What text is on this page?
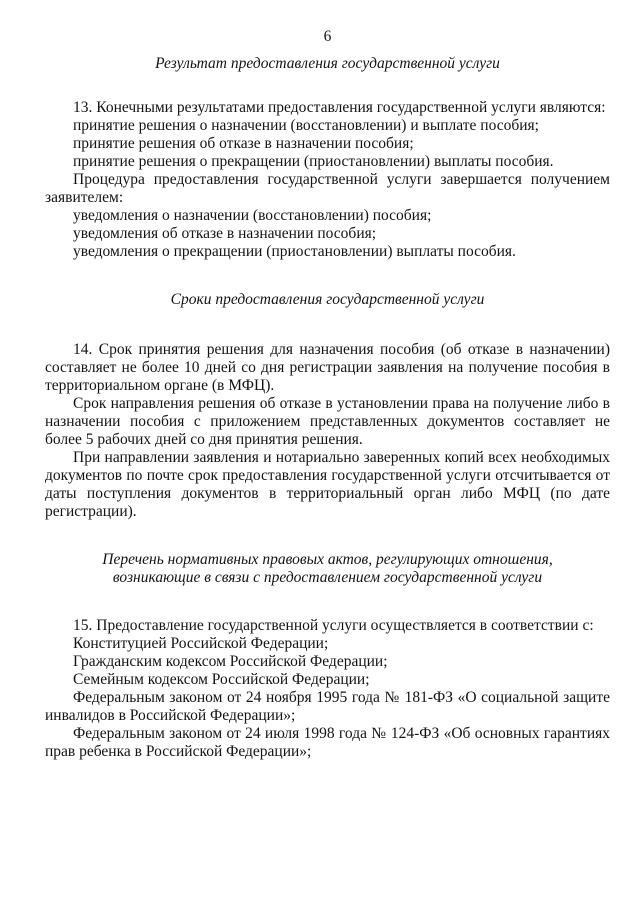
6
Результат предоставления государственной услуги

13. Конечными результатами предоставления государственной услуги являются:

принятие решения о назначении (восстановлении) и выплате пособия;

принятие решения об отказе в назначении пособия;

принятие решения о прекращении (приостановлении) выплаты пособия.

Процедура предоставления государственной услуги завершается получением заявителем:

уведомления о назначении (восстановлении) пособия;

уведомления об отказе в назначении пособия;

уведомления о прекращении (приостановлении) выплаты пособия.

Сроки предоставления государственной услуги

14. Срок принятия решения для назначения пособия (об отказе в назначении) составляет не более 10 дней со дня регистрации заявления на получение пособия в территориальном органе (в МФЦ).

Срок направления решения об отказе в установлении права на получение либо в назначении пособия с приложением представленных документов составляет не более 5 рабочих дней со дня принятия решения.

При направлении заявления и нотариально заверенных копий всех необходимых документов по почте срок предоставления государственной услуги отсчитывается от даты поступления документов в территориальный орган либо МФЦ (по дате регистрации).

Перечень нормативных правовых актов, регулирующих отношения,
возникающие в связи с предоставлением государственной услуги

15. Предоставление государственной услуги осуществляется в соответствии с:

Конституцией Российской Федерации;

Гражданским кодексом Российской Федерации;

Семейным кодексом Российской Федерации;

Федеральным законом от 24 ноября 1995 года № 181-ФЗ «О социальной защите инвалидов в Российской Федерации»;

Федеральным законом от 24 июля 1998 года № 124-ФЗ «Об основных гарантиях прав ребенка в Российской Федерации»;
